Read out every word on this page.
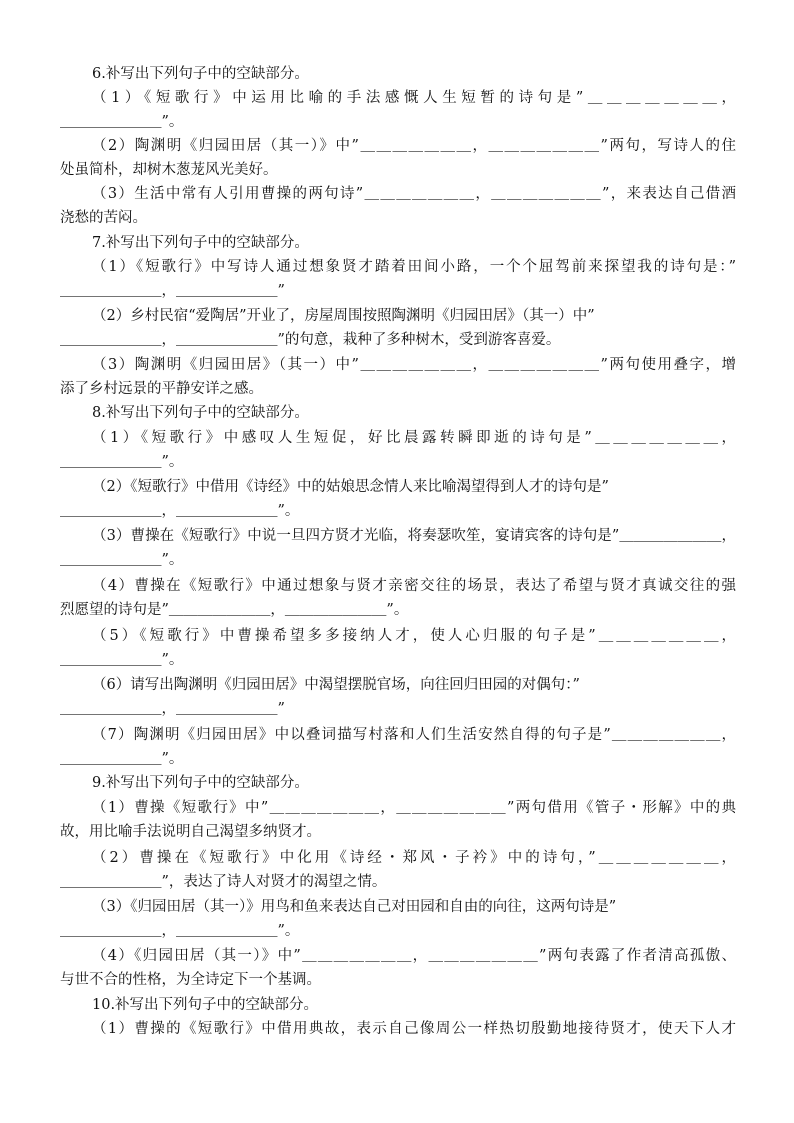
6.补写出下列句子中的空缺部分。
（1）《短歌行》中运用比喻的手法感慨人生短暂的诗句是”＿＿＿＿＿＿＿，
＿＿＿＿＿＿＿”。
（2）陶渊明《归园田居（其一）》中”＿＿＿＿＿＿＿，＿＿＿＿＿＿＿”两句，写诗人的住
处虽简朴，却树木葱茏风光美好。
（3）生活中常有人引用曹操的两句诗”＿＿＿＿＿＿＿，＿＿＿＿＿＿＿”，来表达自己借酒
浇愁的苦闷。
7.补写出下列句子中的空缺部分。
（1）《短歌行》中写诗人通过想象贤才踏着田间小路，一个个屈驾前来探望我的诗句是：”
＿＿＿＿＿＿＿，＿＿＿＿＿＿＿”
（2）乡村民宿“爱陶居”开业了，房屋周围按照陶渊明《归园田居》（其一）中”
＿＿＿＿＿＿＿，＿＿＿＿＿＿＿”的句意，栽种了多种树木，受到游客喜爱。
（3）陶渊明《归园田居》（其一）中”＿＿＿＿＿＿＿，＿＿＿＿＿＿＿”两句使用叠字，增
添了乡村远景的平静安详之感。
8.补写出下列句子中的空缺部分。
（1）《短歌行》中感叹人生短促，好比晨露转瞬即逝的诗句是”＿＿＿＿＿＿＿，
＿＿＿＿＿＿＿”。
（2）《短歌行》中借用《诗经》中的姑娘思念情人来比喻渴望得到人才的诗句是”
＿＿＿＿＿＿＿，＿＿＿＿＿＿＿”。
（3）曹操在《短歌行》中说一旦四方贤才光临，将奏瑟吹笙，宴请宾客的诗句是”＿＿＿＿＿＿＿，
＿＿＿＿＿＿＿”。
（4）曹操在《短歌行》中通过想象与贤才亲密交往的场景，表达了希望与贤才真诚交往的强
烈愿望的诗句是”＿＿＿＿＿＿＿，＿＿＿＿＿＿＿”。
（5）《短歌行》中曹操希望多多接纳人才，使人心归服的句子是”＿＿＿＿＿＿＿，
＿＿＿＿＿＿＿”。
（6）请写出陶渊明《归园田居》中渴望摆脱官场，向往回归田园的对偶句：”
＿＿＿＿＿＿＿，＿＿＿＿＿＿＿”
（7）陶渊明《归园田居》中以叠词描写村落和人们生活安然自得的句子是”＿＿＿＿＿＿＿，
＿＿＿＿＿＿＿”。
9.补写出下列句子中的空缺部分。
（1）曹操《短歌行》中”＿＿＿＿＿＿＿，＿＿＿＿＿＿＿”两句借用《管子・形解》中的典
故，用比喻手法说明自己渴望多纳贤才。
（2）曹操在《短歌行》中化用《诗经・郑风・子衿》中的诗句，”＿＿＿＿＿＿＿，
＿＿＿＿＿＿＿”，表达了诗人对贤才的渴望之情。
（3）《归园田居（其一）》用鸟和鱼来表达自己对田园和自由的向往，这两句诗是”
＿＿＿＿＿＿＿，＿＿＿＿＿＿＿”。
（4）《归园田居（其一）》中”＿＿＿＿＿＿＿，＿＿＿＿＿＿＿”两句表露了作者清高孤傲、
与世不合的性格，为全诗定下一个基调。
10.补写出下列句子中的空缺部分。
（1）曹操的《短歌行》中借用典故，表示自己像周公一样热切殷勤地接待贤才，使天下人才
